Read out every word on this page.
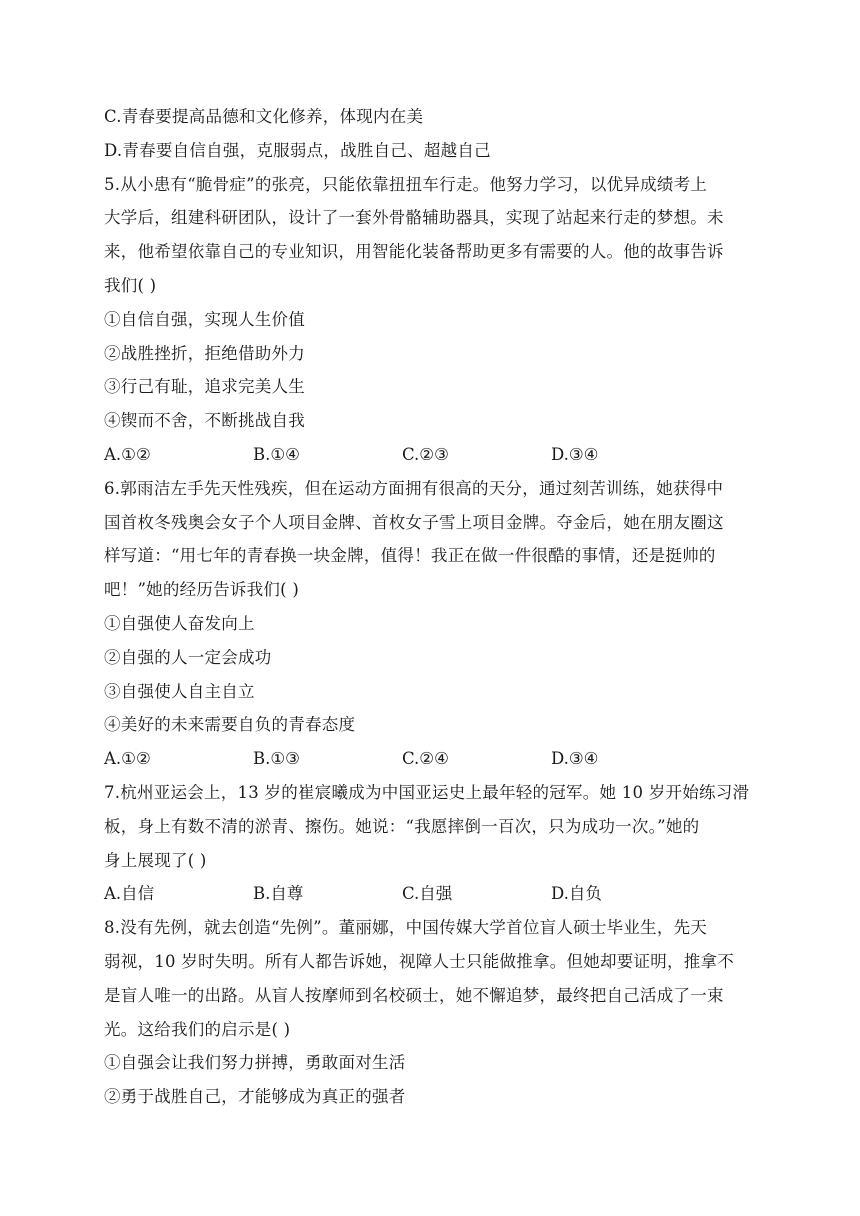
C.青春要提高品德和文化修养，体现内在美
D.青春要自信自强，克服弱点，战胜自己、超越自己
5.从小患有“脆骨症”的张亮，只能依靠扭扭车行走。他努力学习，以优异成绩考上
大学后，组建科研团队，设计了一套外骨骼辅助器具，实现了站起来行走的梦想。未
来，他希望依靠自己的专业知识，用智能化装备帮助更多有需要的人。他的故事告诉
我们( )
①自信自强，实现人生价值
②战胜挫折，拒绝借助外力
③行己有耻，追求完美人生
④锲而不舍，不断挑战自我
A.①②	B.①④	C.②③	D.③④
6.郭雨洁左手先天性残疾，但在运动方面拥有很高的天分，通过刻苦训练，她获得中
国首枚冬残奥会女子个人项目金牌、首枚女子雪上项目金牌。夺金后，她在朋友圈这
样写道：“用七年的青春换一块金牌，值得！我正在做一件很酷的事情，还是挺帅的
吧！”她的经历告诉我们( )
①自强使人奋发向上
②自强的人一定会成功
③自强使人自主自立
④美好的未来需要自负的青春态度
A.①②	B.①③	C.②④	D.③④
7.杭州亚运会上，13 岁的崔宸曦成为中国亚运史上最年轻的冠军。她 10 岁开始练习滑
板，身上有数不清的淤青、擦伤。她说：“我愿摔倒一百次，只为成功一次。”她的
身上展现了( )
A.自信	B.自尊	C.自强	D.自负
8.没有先例，就去创造“先例”。董丽娜，中国传媒大学首位盲人硕士毕业生，先天
弱视，10 岁时失明。所有人都告诉她，视障人士只能做推拿。但她却要证明，推拿不
是盲人唯一的出路。从盲人按摩师到名校硕士，她不懈追梦，最终把自己活成了一束
光。这给我们的启示是( )
①自强会让我们努力拼搏，勇敢面对生活
②勇于战胜自己，才能够成为真正的强者
